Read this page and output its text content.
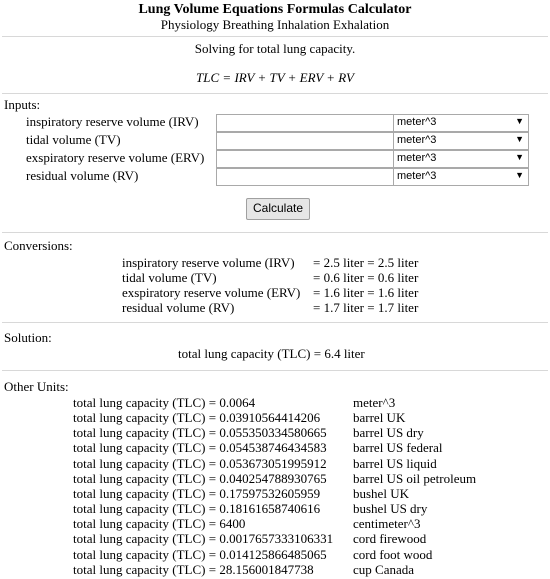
Lung Volume Equations Formulas Calculator
Physiology Breathing Inhalation Exhalation
Solving for total lung capacity.
TLC = IRV + TV + ERV + RV
Inputs:
inspiratory reserve volume (IRV)	meter^3	▼
tidal volume (TV)	meter^3	▼
exspiratory reserve volume (ERV)	meter^3	▼
residual volume (RV)	meter^3	▼
Calculate
Conversions:
inspiratory reserve volume (IRV) = 2.5 liter = 2.5 liter
tidal volume (TV)	= 0.6 liter = 0.6 liter
exspiratory reserve volume (ERV) = 1.6 liter = 1.6 liter
residual volume (RV)	= 1.7 liter = 1.7 liter
Solution:
total lung capacity (TLC) = 6.4 liter
Other Units:
total lung capacity (TLC) = 0.0064	meter^3
total lung capacity (TLC) = 0.03910564414206	barrel UK
total lung capacity (TLC) = 0.055350334580665 barrel US dry
total lung capacity (TLC) = 0.054538746434583 barrel US federal
total lung capacity (TLC) = 0.053673051995912 barrel US liquid
total lung capacity (TLC) = 0.040254788930765 barrel US oil petroleum
total lung capacity (TLC) = 0.17597532605959	bushel UK
total lung capacity (TLC) = 0.18161658740616	bushel US dry
total lung capacity (TLC) = 6400	centimeter^3
total lung capacity (TLC) = 0.0017657333106331 cord firewood
total lung capacity (TLC) = 0.014125866485065 cord foot wood
total lung capacity (TLC) = 28.156001847738	cup Canada
